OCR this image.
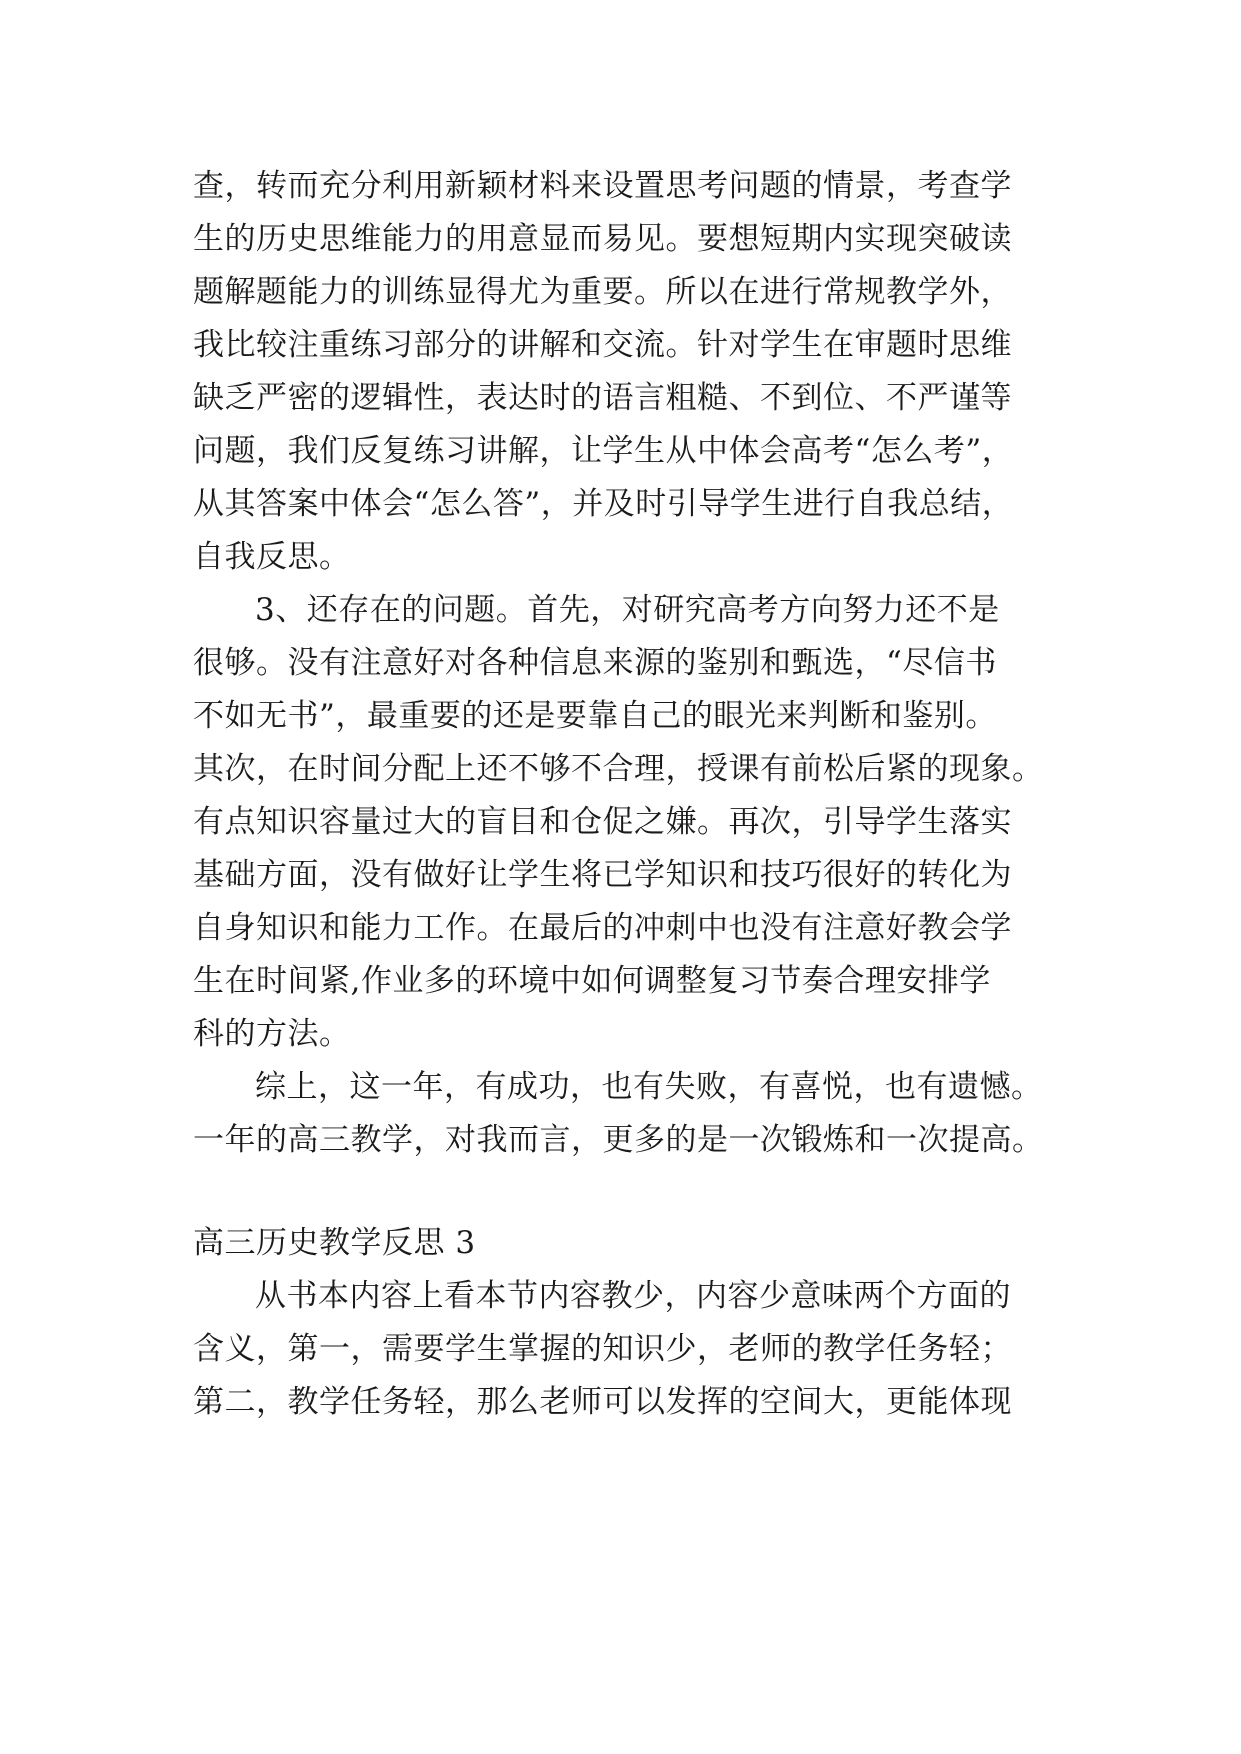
查，转而充分利用新颖材料来设置思考问题的情景，考查学
生的历史思维能力的用意显而易见。要想短期内实现突破读
题解题能力的训练显得尤为重要。所以在进行常规教学外，
我比较注重练习部分的讲解和交流。针对学生在审题时思维
缺乏严密的逻辑性，表达时的语言粗糙、不到位、不严谨等
问题，我们反复练习讲解，让学生从中体会高考“怎么考”，
从其答案中体会“怎么答”，并及时引导学生进行自我总结，
自我反思。
3、还存在的问题。首先，对研究高考方向努力还不是
很够。没有注意好对各种信息来源的鉴别和甄选，“尽信书
不如无书”，最重要的还是要靠自己的眼光来判断和鉴别。
其次，在时间分配上还不够不合理，授课有前松后紧的现象。
有点知识容量过大的盲目和仓促之嫌。再次，引导学生落实
基础方面，没有做好让学生将已学知识和技巧很好的转化为
自身知识和能力工作。在最后的冲刺中也没有注意好教会学
生在时间紧,作业多的环境中如何调整复习节奏合理安排学
科的方法。
综上，这一年，有成功，也有失败，有喜悦，也有遗憾。
一年的高三教学，对我而言，更多的是一次锻炼和一次提高。
高三历史教学反思 3
从书本内容上看本节内容教少，内容少意味两个方面的
含义，第一，需要学生掌握的知识少，老师的教学任务轻；
第二，教学任务轻，那么老师可以发挥的空间大，更能体现
